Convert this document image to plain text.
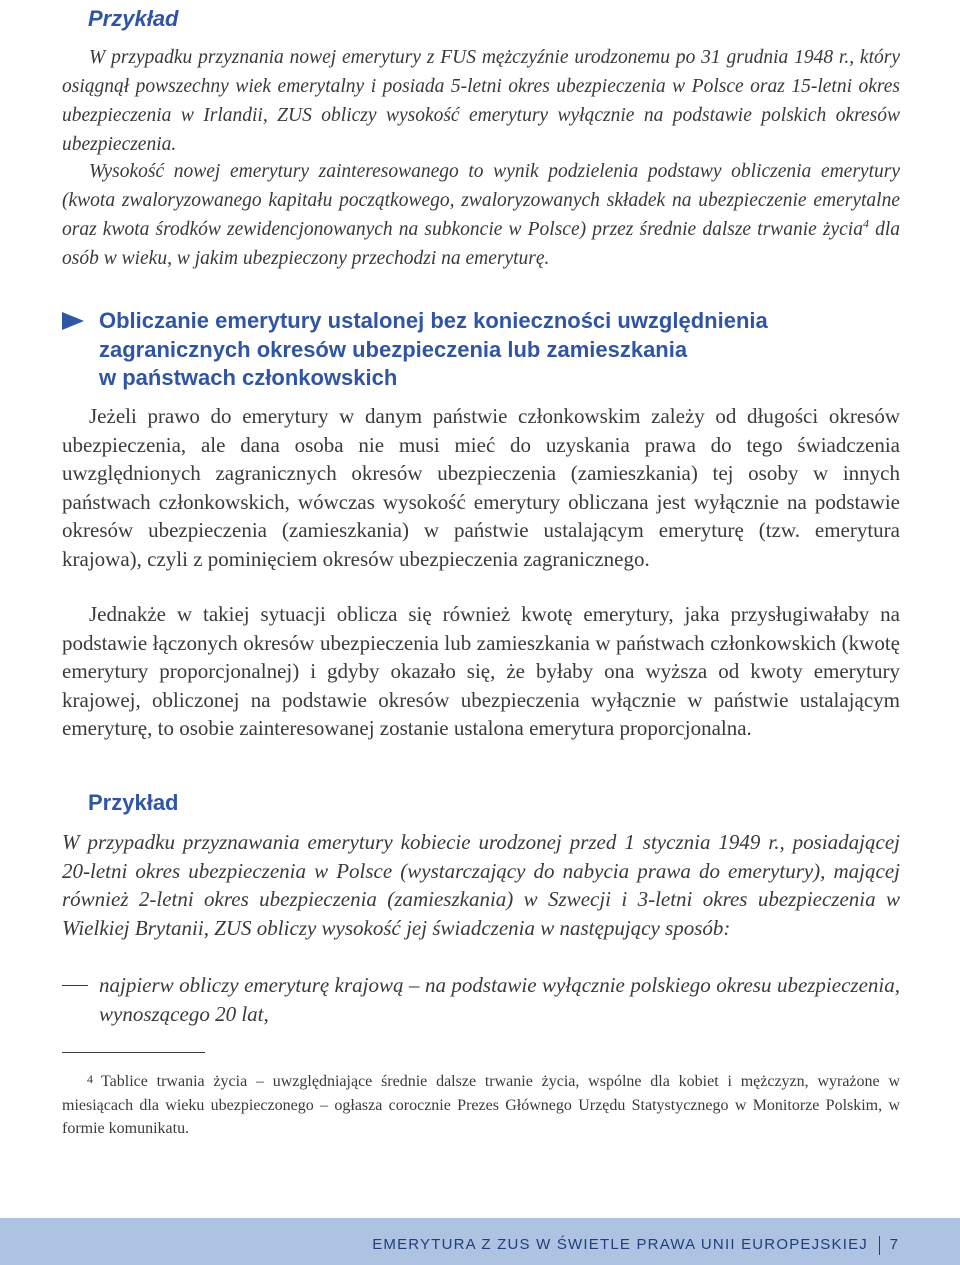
Przykład

W przypadku przyznania nowej emerytury z FUS mężczyźnie urodzonemu po 31 grudnia 1948 r., który osiągnął powszechny wiek emerytalny i posiada 5-letni okres ubezpieczenia w Polsce oraz 15-letni okres ubezpieczenia w Irlandii, ZUS obliczy wysokość emerytury wyłącznie na podstawie polskich okresów ubezpieczenia.

Wysokość nowej emerytury zainteresowanego to wynik podzielenia podstawy obliczenia emerytury (kwota zwaloryzowanego kapitału początkowego, zwaloryzowanych składek na ubezpieczenie emerytalne oraz kwota środków zewidencjonowanych na subkoncie w Polsce) przez średnie dalsze trwanie życia$^4$ dla osób w wieku, w jakim ubezpieczony przechodzi na emeryturę.

Obliczanie emerytury ustalonej bez konieczności uwzględnienia
zagranicznych okresów ubezpieczenia lub zamieszkania
w państwach członkowskich

Jeżeli prawo do emerytury w danym państwie członkowskim zależy od długości okresów ubezpieczenia, ale dana osoba nie musi mieć do uzyskania prawa do tego świadczenia uwzględnionych zagranicznych okresów ubezpieczenia (zamieszkania) tej osoby w innych państwach członkowskich, wówczas wysokość emerytury obliczana jest wyłącznie na podstawie okresów ubezpieczenia (zamieszkania) w państwie ustalającym emeryturę (tzw. emerytura krajowa), czyli z pominięciem okresów ubezpieczenia zagranicznego.

Jednakże w takiej sytuacji oblicza się również kwotę emerytury, jaka przysługiwałaby na podstawie łączonych okresów ubezpieczenia lub zamieszkania w państwach członkowskich (kwotę emerytury proporcjonalnej) i gdyby okazało się, że byłaby ona wyższa od kwoty emerytury krajowej, obliczonej na podstawie okresów ubezpieczenia wyłącznie w państwie ustalającym emeryturę, to osobie zainteresowanej zostanie ustalona emerytura proporcjonalna.

Przykład

W przypadku przyznawania emerytury kobiecie urodzonej przed 1 stycznia 1949 r., posiadającej 20-letni okres ubezpieczenia w Polsce (wystarczający do nabycia prawa do emerytury), mającej również 2-letni okres ubezpieczenia (zamieszkania) w Szwecji i 3-letni okres ubezpieczenia w Wielkiej Brytanii, ZUS obliczy wysokość jej świadczenia w następujący sposób:

najpierw obliczy emeryturę krajową – na podstawie wyłącznie polskiego okresu ubezpieczenia, wynoszącego 20 lat,
4 Tablice trwania życia – uwzględniające średnie dalsze trwanie życia, wspólne dla kobiet i mężczyzn, wyrażone w miesiącach dla wieku ubezpieczonego – ogłasza corocznie Prezes Głównego Urzędu Statystycznego w Monitorze Polskim, w formie komunikatu.
EMERYTURA Z ZUS W ŚWIETLE PRAWA UNII EUROPEJSKIEJ 7
